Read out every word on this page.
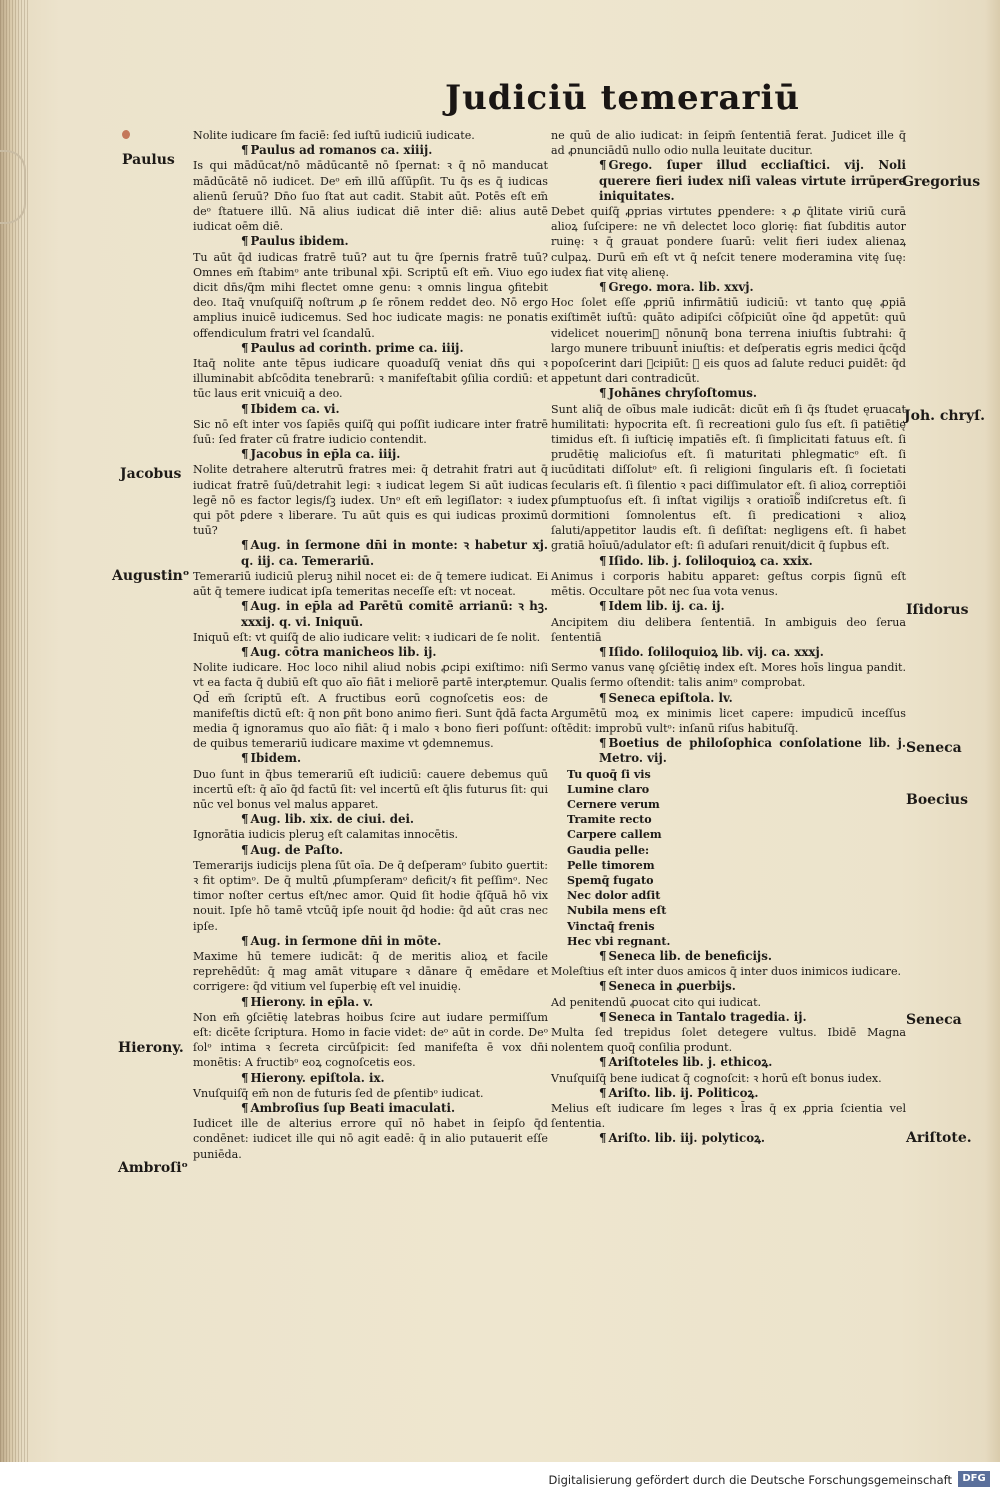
Judiciū temerariū

Nolite iudicare ſm faciē: ſed iuſtū iudiciū iudicate.

¶ Paulus ad romanos ca. xiiij.

Is qui mādūcat/nō mādūcantē nō ſpernat: ꝛ q̄ nō manducat mādūcātē nō iudicet. Deᵒ em̄ illū aſſūpſit. Tu q̄s es q̄ iudicas alienū ſeruū? Dn̄o ſuo ſtat aut cadit. Stabit aūt. Potēs eſt em̄ deᵒ ſtatuere illū. Nā alius iudicat diē inter diē: alius autē iudicat oēm diē.

¶ Paulus ibidem.

Tu aūt q̄d iudicas fratrē tuū? aut tu q̄re ſpernis fratrē tuū? Omnes em̄ ſtabimᵒ ante tribunal xp̄i. Scriptū eſt em̄. Viuo ego dicit dn̄s/q̄m mihi flectet omne genu: ꝛ omnis lingua ꝯfitebit deo. Itaq̄ vnuſquiſq̄ noſtrum ꝓ ſe rōnem reddet deo. Nō ergo amplius inuicē iudicemus. Sed hoc iudicate magis: ne ponatis offendiculum fratri vel ſcandalū.

¶ Paulus ad corinth. prime ca. iiij.

Itaq̄ nolite ante tēpus iudicare quoaduſq̄ veniat dn̄s qui ꝛ illuminabit abſcōdita tenebrarū: ꝛ manifeſtabit ꝯſilia cordiū: et tūc laus erit vnicuiq̄ a deo.

¶ Ibidem ca. vi.

Sic nō eſt inter vos ſapiēs quiſq̄ qui poſſit iudicare inter fratrē ſuū: ſed frater cū fratre iudicio contendit.

¶ Jacobus in ep̄la ca. iiij.

Nolite detrahere alterutrū fratres mei: q̄ detrahit fratri aut q̄ iudicat fratrē ſuū/detrahit legi: ꝛ iudicat legem Si aūt iudicas legē nō es factor legis/ſꝫ iudex. Unᵒ eſt em̄ legiſlator: ꝛ iudex qui pōt ꝑdere ꝛ liberare. Tu aūt quis es qui iudicas proximū tuū?

¶ Aug. in ſermone dn̄i in monte: ꝛ habetur xj. q. iij. ca. Temerariū.

Temerariū iudiciū pleruꝫ nihil nocet ei: de q̄ temere iudicat. Ei aūt q̄ temere iudicat ipſa temeritas neceſſe eſt: vt noceat.

¶ Aug. in ep̄la ad Parētū comitē arrianū: ꝛ hꝫ. xxxij. q. vi. Iniquū.

Iniquū eſt: vt quiſq̄ de alio iudicare velit: ꝛ iudicari de ſe nolit.

¶ Aug. cōtra manicheos lib. ij.

Nolite iudicare. Hoc loco nihil aliud nobis ꝓcipi exiſtimo: niſi vt ea facta q̄ dubiū eſt quo aīo fiāt i meliorē partē interꝓtemur. Qd̄ em̄ ſcriptū eſt. A fructibus eorū cognoſcetis eos: de manifeſtis dictū eſt: q̄ non ꝑñt bono animo fieri. Sunt q̄dā facta media q̄ ignoramus quo aīo fiāt: q̄ i malo ꝛ bono fieri poſſunt: de quibus temerariū iudicare maxime vt ꝯdemnemus.

¶ Ibidem.

Duo ſunt in q̄bus temerariū eſt iudiciū: cauere debemus quū incertū eſt: q̄ aīo q̄d factū ſit: vel incertū eſt q̄lis futurus ſit: qui nūc vel bonus vel malus apparet.

¶ Aug. lib. xix. de ciui. dei.

Ignorātia iudicis pleruꝫ eſt calamitas innocētis.

¶ Aug. de Paſto.

Temerarijs iudicijs plena ſūt oīa. De q̄ deſperamᵒ ſubito ꝯuertit: ꝛ fit optimᵒ. De q̄ multū ꝓſumpſeramᵒ deficit/ꝛ fit peſſimᵒ. Nec timor noſter certus eſt/nec amor. Quid ſit hodie q̄ſq̄uā hō vix nouit. Ipſe hō tamē vtcūq̄ ipſe nouit q̄d hodie: q̄d aūt cras nec ipſe.

¶ Aug. in ſermone dn̄i in mōte.

Maxime hū temere iudicāt: q̄ de meritis alioꝝ et facile reprehēdūt: q̄ mag̱ amāt vituꝑare ꝛ dānare q̄ emēdare et corrigere: q̄d vitium vel ſuperbię eſt vel inuidię.

¶ Hierony. in ep̄la. v.

Non em̄ ꝯſciētię latebras hoibus ſcire aut iudare permiſſum eſt: dicēte ſcriptura. Homo in facie videt: deᵒ aūt in corde. Deᵒ ſolᵒ intima ꝛ ſecreta circūſpicit: ſed manifeſta ē vox dn̄i monētis: A fructibᵒ eoꝝ cognoſcetis eos.

¶ Hierony. epiſtola. ix.

Vnuſquiſq̄ em̄ non de futuris ſed de ꝑſentibᵒ iudicat.

¶ Ambroſius ſup Beati imaculati.

Iudicet ille de alterius errore quī nō habet in ſeipſo q̄d condēnet: iudicet ille qui nō agit eadē: q̄ in alio putauerit eſſe puniēda.

ne quū de alio iudicat: in ſeipm̄ ſententiā ferat. Judicet ille q̄ ad ꝓnunciādū nullo odio nulla leuitate ducitur.

¶ Grego. ſuper illud eccliaſtici. vij. Noli querere fieri iudex niſi valeas virtute irrūpere iniquitates.

Debet quiſq̄ ꝓprias virtutes ꝑpendere: ꝛ ꝓ q̄litate viriū curā alioꝝ ſuſcipere: ne vn̄ delectet loco glorię: fiat ſubditis autor ruinę: ꝛ q̄ grauat pondere ſuarū: velit fieri iudex alienaꝝ culpaꝝ. Durū em̄ eſt vt q̄ neſcit tenere moderamina vitę ſuę: iudex fiat vitę alienę.

¶ Grego. mora. lib. xxvj.

Hoc ſolet eſſe ꝓpriū infirmātiū iudiciū: vt tanto quę ꝓpiā exiſtimēt iuſtū: quāto adipiſci cōſpiciūt oīne q̄d appetūt: quū videlicet nouerim᷑ nōnunq̄ bona terrena iniuſtis ſubtrahi: q̄ largo munere tribuunt̄ iniuſtis: et deſperatis egris medici q̄cq̄d popoſcerint dari ꝯcipiūt: ꝛ eis quos ad ſalute reduci ꝑuidēt: q̄d appetunt dari contradicūt.

¶ Johānes chryſoſtomus.

Sunt aliq̄ de oībus male iudicāt: dicūt em̄ ſi q̄s ſtudet ęruacat humilitati: hypocrita eſt. ſi recreationi gulo ſus eſt. ſi patiētię timidus eſt. ſi iuſticię impatiēs eſt. ſi ſimplicitati fatuus eſt. ſi prudētię malicioſus eſt. ſi maturitati phlegmaticᵒ eſt. ſi iucūditati diſſolutᵒ eſt. ſi religioni ſingularis eſt. ſi ſocietati ſecularis eſt. ſi ſilentio ꝛ paci diſſimulator eſt. ſi alioꝝ correptiōi ꝑſumptuoſus eſt. ſi inſtat vigilijs ꝛ oratioīb᷑ indiſcretus eſt. ſi dormitioni ſomnolentus eſt. ſi predicationi ꝛ alioꝝ ſaluti/appetitor laudis eſt. ſi deſiſtat: negligens eſt. ſi habet gratiā hoīuū/adulator eſt: ſi aduſari renuit/dicit q̄ ſupbus eſt.

¶ Iſido. lib. j. ſoliloquioꝝ ca. xxix.

Animus i corporis habitu apparet: geſtus corꝑis ſignū eſt mētis. Occultare pōt nec ſua vota venus.

¶ Idem lib. ij. ca. ij.

Ancipitem diu delibera ſententiā. In ambiguis deo ſerua ſententiā

¶ Iſido. ſoliloquioꝝ lib. vij. ca. xxxj.

Sermo vanus vanę ꝯſciētię index eſt. Mores hoīs lingua pandit. Qualis ſermo oſtendit: talis animᵒ comprobat.

¶ Seneca epiſtola. lv.

Argumētū moꝝ ex minimis licet capere: impudicū inceſſus oſtēdit: improbū vultᵒ: inſanū riſus habituſq̄.

¶ Boetius de philoſophica conſolatione lib. j. Metro. vij.

Tu quoq̄ ſi vis

Lumine claro

Cernere verum

Tramite recto

Carpere callem

Gaudia pelle:

Pelle timorem

Spemq̄ fugato

Nec dolor adſit

Nubila mens eſt

Vinctaq̄ frenis

Hec vbi regnant.

¶ Seneca lib. de beneficijs.

Moleſtius eſt inter duos amicos q̄ inter duos inimicos iudicare.

¶ Seneca in ꝓuerbijs.

Ad penitendū ꝓuocat cito qui iudicat.

¶ Seneca in Tantalo tragedia. ij.

Multa ſed trepidus ſolet detegere vultus. Ibidē Magna nolentem quoq̄ conſilia produnt.

¶ Ariſtoteles lib. j. ethicoꝝ.

Vnuſquiſq̄ bene iudicat q̄ cognoſcit: ꝛ horū eſt bonus iudex.

¶ Ariſto. lib. ij. Politicoꝝ.

Melius eſt iudicare ſm leges ꝛ l̄ras q̄ ex ꝓpria ſcientia vel ſententia.

¶ Ariſto. lib. iij. polyticoꝝ.

Paulus
Jacobus
Augustinᵒ
Hierony.
Ambroſiᵒ
Gregorius
Joh. chryſ.
Iſidorus
Seneca
Boecius
Seneca
Ariſtote.
Digitalisierung gefördert durch die Deutsche Forschungsgemeinschaft	DFG
